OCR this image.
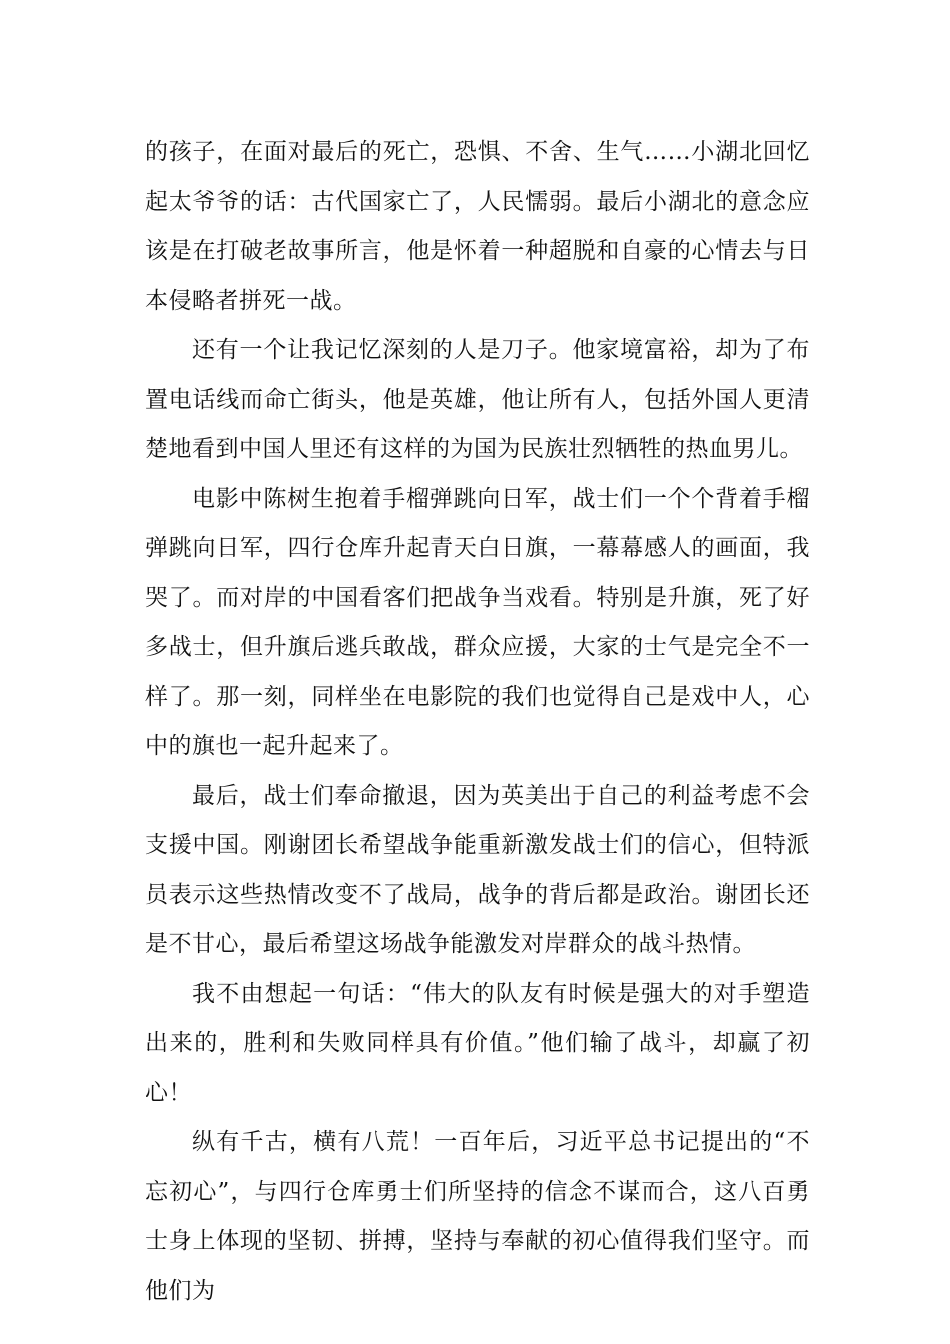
的孩子，在面对最后的死亡，恐惧、不舍、生气……小湖北回忆起太爷爷的话：古代国家亡了，人民懦弱。最后小湖北的意念应该是在打破老故事所言，他是怀着一种超脱和自豪的心情去与日本侵略者拼死一战。

还有一个让我记忆深刻的人是刀子。他家境富裕，却为了布置电话线而命亡街头，他是英雄，他让所有人，包括外国人更清楚地看到中国人里还有这样的为国为民族壮烈牺牲的热血男儿。

电影中陈树生抱着手榴弹跳向日军，战士们一个个背着手榴弹跳向日军，四行仓库升起青天白日旗，一幕幕感人的画面，我哭了。而对岸的中国看客们把战争当戏看。特别是升旗，死了好多战士，但升旗后逃兵敢战，群众应援，大家的士气是完全不一样了。那一刻，同样坐在电影院的我们也觉得自己是戏中人，心中的旗也一起升起来了。

最后，战士们奉命撤退，因为英美出于自己的利益考虑不会支援中国。刚谢团长希望战争能重新激发战士们的信心，但特派员表示这些热情改变不了战局，战争的背后都是政治。谢团长还是不甘心，最后希望这场战争能激发对岸群众的战斗热情。

我不由想起一句话：“伟大的队友有时候是强大的对手塑造出来的，胜利和失败同样具有价值。”他们输了战斗，却赢了初心！

纵有千古，横有八荒！一百年后，习近平总书记提出的“不忘初心”，与四行仓库勇士们所坚持的信念不谋而合，这八百勇士身上体现的坚韧、拼搏，坚持与奉献的初心值得我们坚守。而他们为
